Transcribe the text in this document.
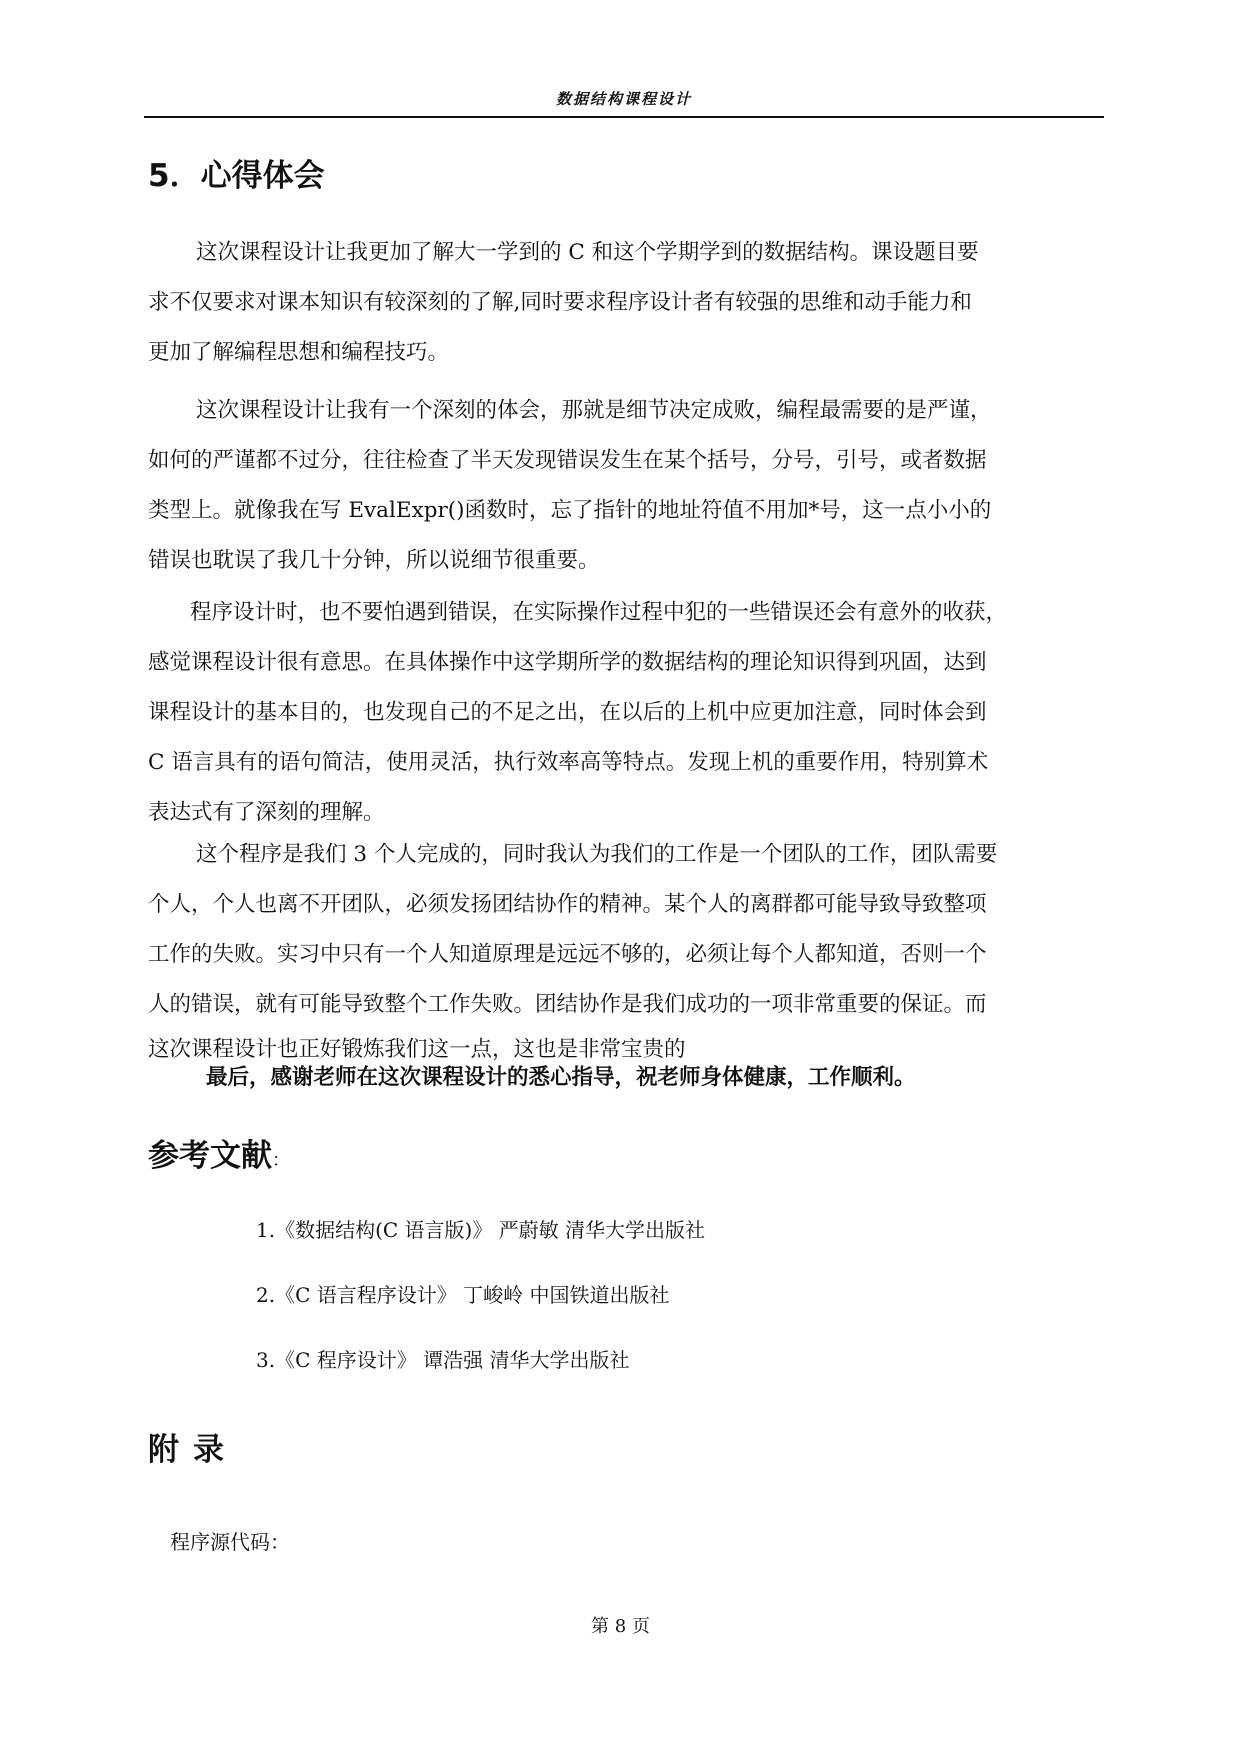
数据结构课程设计
5．心得体会

这次课程设计让我更加了解大一学到的 C 和这个学期学到的数据结构。课设题目要
求不仅要求对课本知识有较深刻的了解,同时要求程序设计者有较强的思维和动手能力和
更加了解编程思想和编程技巧。

这次课程设计让我有一个深刻的体会，那就是细节决定成败，编程最需要的是严谨，
如何的严谨都不过分，往往检查了半天发现错误发生在某个括号，分号，引号，或者数据
类型上。就像我在写 EvalExpr()函数时，忘了指针的地址符值不用加*号，这一点小小的
错误也耽误了我几十分钟，所以说细节很重要。

程序设计时，也不要怕遇到错误，在实际操作过程中犯的一些错误还会有意外的收获，
感觉课程设计很有意思。在具体操作中这学期所学的数据结构的理论知识得到巩固，达到
课程设计的基本目的，也发现自己的不足之出，在以后的上机中应更加注意，同时体会到
C 语言具有的语句简洁，使用灵活，执行效率高等特点。发现上机的重要作用，特别算术
表达式有了深刻的理解。

这个程序是我们 3 个人完成的，同时我认为我们的工作是一个团队的工作，团队需要
个人，个人也离不开团队，必须发扬团结协作的精神。某个人的离群都可能导致导致整项
工作的失败。实习中只有一个人知道原理是远远不够的，必须让每个人都知道，否则一个
人的错误，就有可能导致整个工作失败。团结协作是我们成功的一项非常重要的保证。而
这次课程设计也正好锻炼我们这一点，这也是非常宝贵的

最后，感谢老师在这次课程设计的悉心指导，祝老师身体健康，工作顺利。

参考文献：
1.《数据结构(C 语言版)》 严蔚敏 清华大学出版社
2.《C 语言程序设计》 丁峻岭 中国铁道出版社
3.《C 程序设计》 谭浩强 清华大学出版社
附录

程序源代码：

第 8 页
